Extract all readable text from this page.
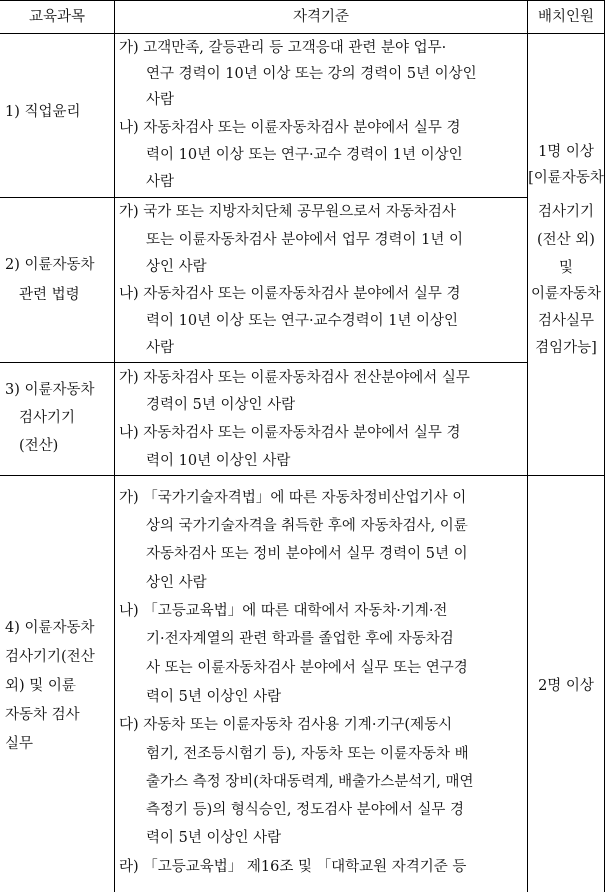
교육과목	자격기준	배치인원
1) 직업윤리
가) 고객만족, 갈등관리 등 고객응대 관련 분야 업무·
연구 경력이 10년 이상 또는 강의 경력이 5년 이상인
사람
나) 자동차검사 또는 이륜자동차검사 분야에서 실무 경
력이 10년 이상 또는 연구·교수 경력이 1년 이상인
사람
2) 이륜자동차
관련 법령
가) 국가 또는 지방자치단체 공무원으로서 자동차검사
또는 이륜자동차검사 분야에서 업무 경력이 1년 이
상인 사람
나) 자동차검사 또는 이륜자동차검사 분야에서 실무 경
력이 10년 이상 또는 연구·교수경력이 1년 이상인
사람
3) 이륜자동차
검사기기
(전산)
가) 자동차검사 또는 이륜자동차검사 전산분야에서 실무
경력이 5년 이상인 사람
나) 자동차검사 또는 이륜자동차검사 분야에서 실무 경
력이 10년 이상인 사람
4) 이륜자동차
검사기기(전산
외) 및 이륜
자동차 검사
실무
가) 「국가기술자격법」에 따른 자동차정비산업기사 이
상의 국가기술자격을 취득한 후에 자동차검사, 이륜
자동차검사 또는 정비 분야에서 실무 경력이 5년 이
상인 사람
나) 「고등교육법」에 따른 대학에서 자동차·기계·전
기·전자계열의 관련 학과를 졸업한 후에 자동차검
사 또는 이륜자동차검사 분야에서 실무 또는 연구경
력이 5년 이상인 사람
다) 자동차 또는 이륜자동차 검사용 기계·기구(제동시
험기, 전조등시험기 등), 자동차 또는 이륜자동차 배
출가스 측정 장비(차대동력계, 배출가스분석기, 매연
측정기 등)의 형식승인, 정도검사 분야에서 실무 경
력이 5년 이상인 사람
라) 「고등교육법」 제16조 및 「대학교원 자격기준 등
1명 이상
[이륜자동차
검사기기
(전산 외)
및
이륜자동차
검사실무
겸임가능]
2명 이상
